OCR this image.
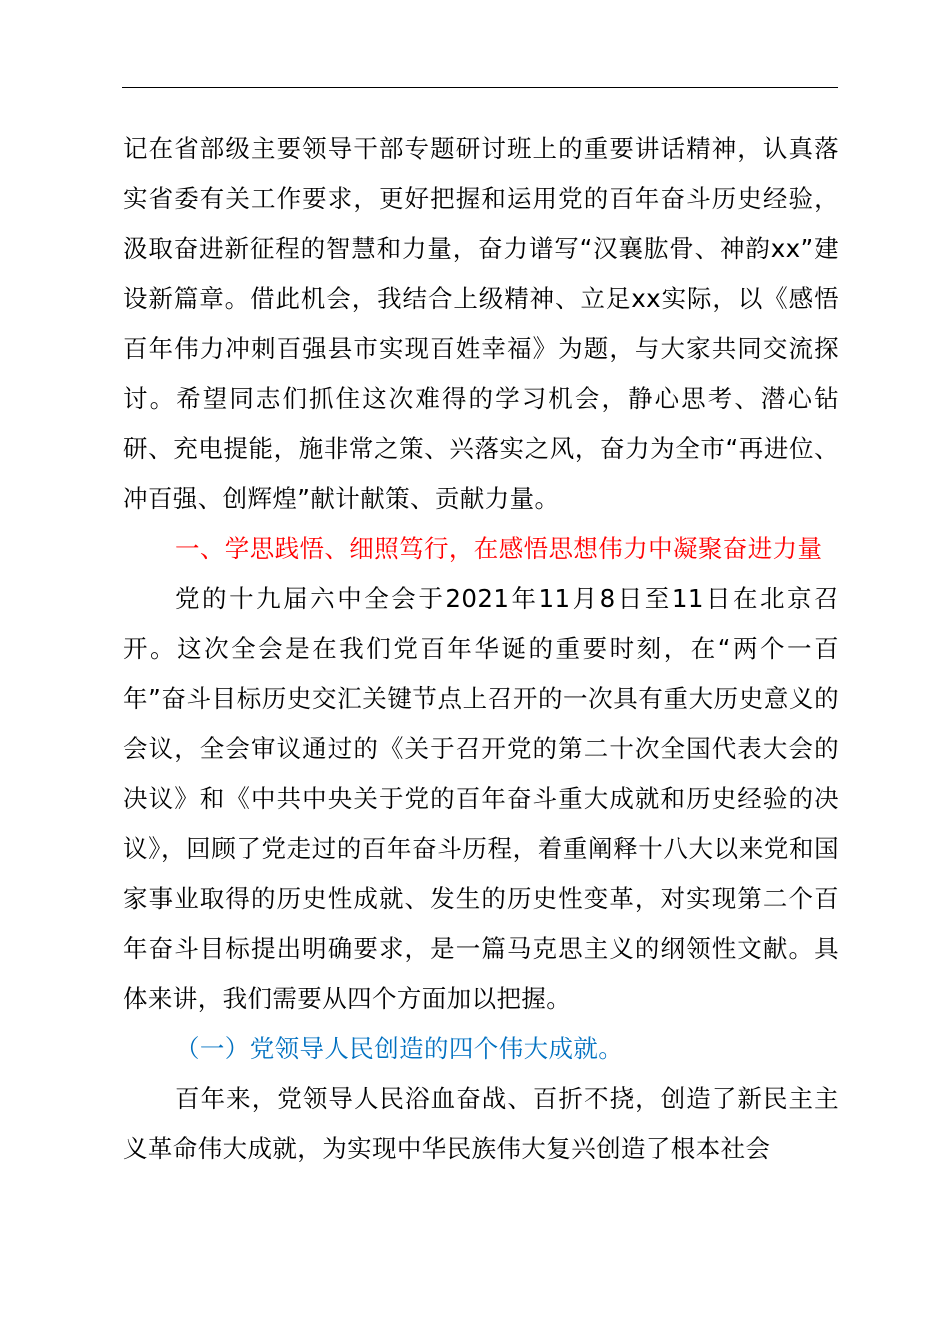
记在省部级主要领导干部专题研讨班上的重要讲话精神，认真落实省委有关工作要求，更好把握和运用党的百年奋斗历史经验，汲取奋进新征程的智慧和力量，奋力谱写“汉襄肱骨、神韵xx”建设新篇章。借此机会，我结合上级精神、立足xx实际，以《感悟百年伟力冲刺百强县市实现百姓幸福》为题，与大家共同交流探讨。希望同志们抓住这次难得的学习机会，静心思考、潜心钻研、充电提能，施非常之策、兴落实之风，奋力为全市“再进位、冲百强、创辉煌”献计献策、贡献力量。

一、学思践悟、细照笃行，在感悟思想伟力中凝聚奋进力量

党的十九届六中全会于2021年11月8日至11日在北京召开。这次全会是在我们党百年华诞的重要时刻，在“两个一百年”奋斗目标历史交汇关键节点上召开的一次具有重大历史意义的会议，全会审议通过的《关于召开党的第二十次全国代表大会的决议》和《中共中央关于党的百年奋斗重大成就和历史经验的决议》，回顾了党走过的百年奋斗历程，着重阐释十八大以来党和国家事业取得的历史性成就、发生的历史性变革，对实现第二个百年奋斗目标提出明确要求，是一篇马克思主义的纲领性文献。具体来讲，我们需要从四个方面加以把握。

（一）党领导人民创造的四个伟大成就。

百年来，党领导人民浴血奋战、百折不挠，创造了新民主主义革命伟大成就，为实现中华民族伟大复兴创造了根本社会
